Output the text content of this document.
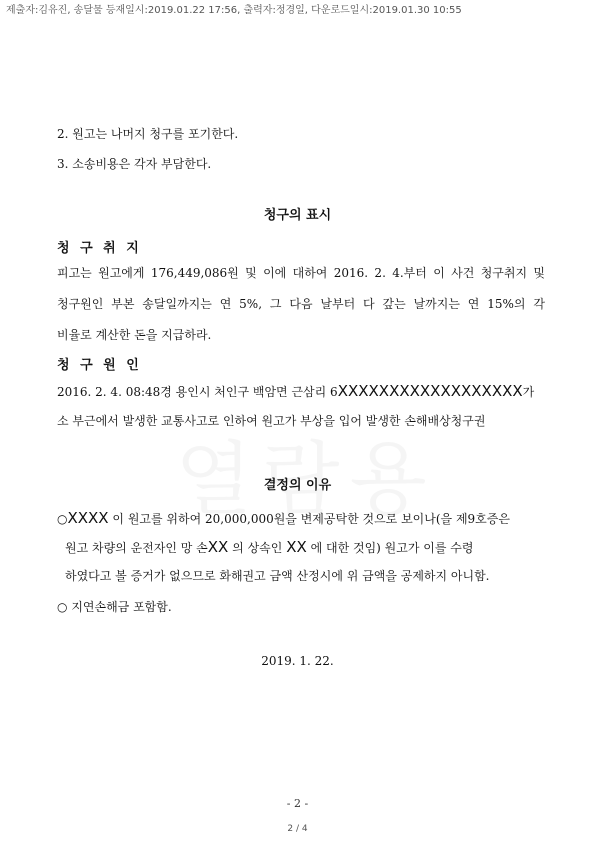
제출자:김유진, 송달물 등재일시:2019.01.22 17:56, 출력자:정경일, 다운로드일시:2019.01.30 10:55
2. 원고는 나머지 청구를 포기한다.
3. 소송비용은 각자 부담한다.
청구의 표시
청 구 취 지
피고는 원고에게 176,449,086원 및 이에 대하여 2016. 2. 4.부터 이 사건 청구취지 및
청구원인 부본 송달일까지는 연 5%, 그 다음 날부터 다 갚는 날까지는 연 15%의 각
비율로 계산한 돈을 지급하라.
청 구 원 인
2016. 2. 4. 08:48경 용인시 처인구 백암면 근삼리 6XXXXXXXXXXXXXXXXXX가
소 부근에서 발생한 교통사고로 인하여 원고가 부상을 입어 발생한 손해배상청구권
결정의 이유
○XXXX 이 원고를 위하여 20,000,000원을 변제공탁한 것으로 보이나(을 제9호증은
원고 차량의 운전자인 망 손XX 의 상속인 XX 에 대한 것임) 원고가 이를 수령
하였다고 볼 증거가 없으므로 화해권고 금액 산정시에 위 금액을 공제하지 아니함.
○ 지연손해금 포함함.
2019. 1. 22.
- 2 -
2 / 4
